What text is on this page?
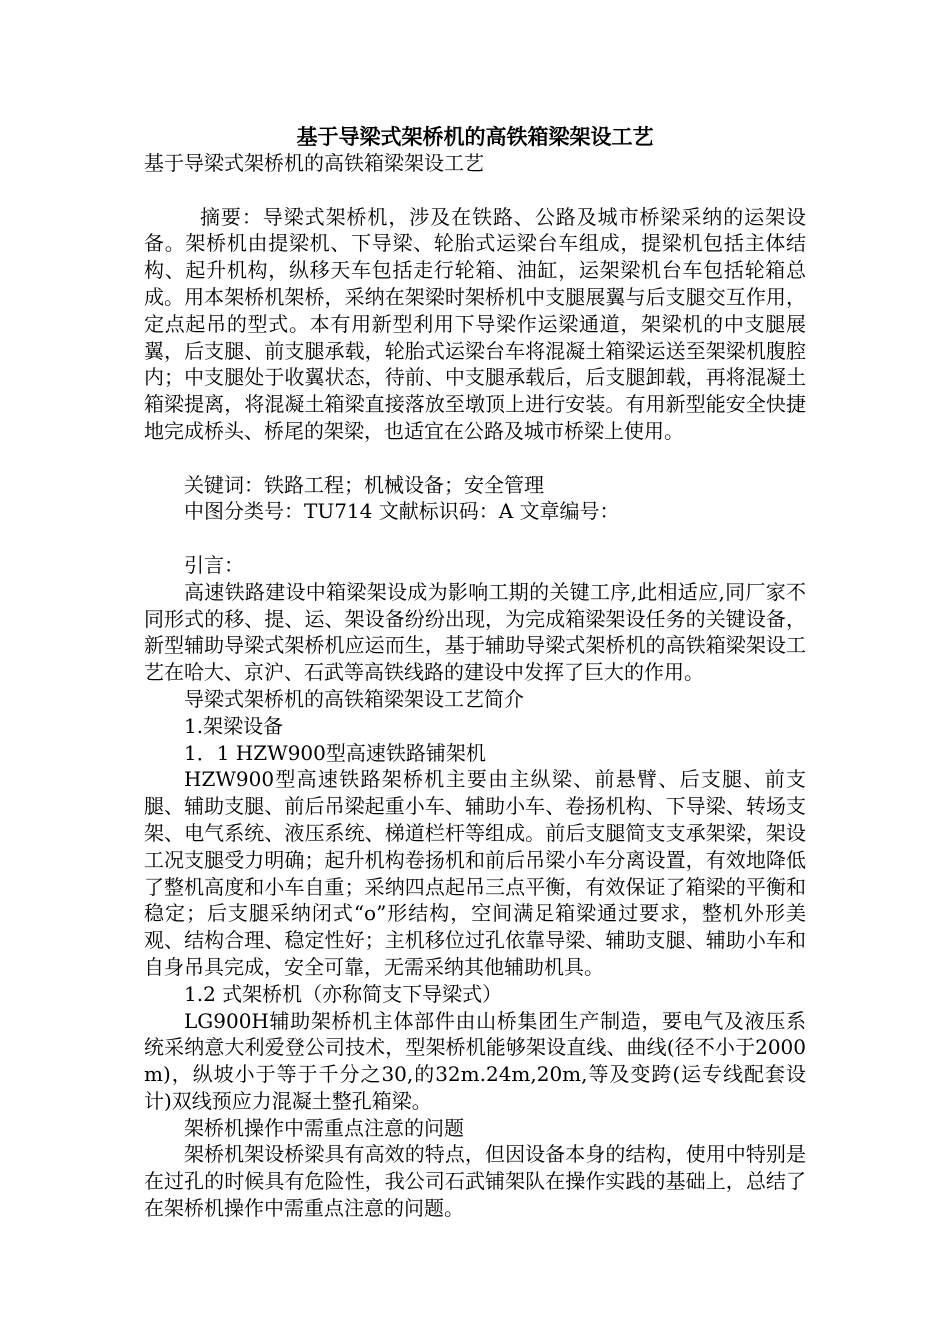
基于导梁式架桥机的高铁箱梁架设工艺

基于导梁式架桥机的高铁箱梁架设工艺

摘要：导梁式架桥机，涉及在铁路、公路及城市桥梁采纳的运架设备。架桥机由提梁机、下导梁、轮胎式运梁台车组成，提梁机包括主体结构、起升机构，纵移天车包括走行轮箱、油缸，运架梁机台车包括轮箱总成。用本架桥机架桥，采纳在架梁时架桥机中支腿展翼与后支腿交互作用，定点起吊的型式。本有用新型利用下导梁作运梁通道，架梁机的中支腿展翼，后支腿、前支腿承载，轮胎式运梁台车将混凝土箱梁运送至架梁机腹腔内；中支腿处于收翼状态，待前、中支腿承载后，后支腿卸载，再将混凝土箱梁提离，将混凝土箱梁直接落放至墩顶上进行安装。有用新型能安全快捷地完成桥头、桥尾的架梁，也适宜在公路及城市桥梁上使用。

关键词：铁路工程；机械设备；安全管理

中图分类号：TU714 文献标识码：A 文章编号：

引言：

高速铁路建设中箱梁架设成为影响工期的关键工序,此相适应,同厂家不同形式的移、提、运、架设备纷纷出现，为完成箱梁架设任务的关键设备，新型辅助导梁式架桥机应运而生，基于辅助导梁式架桥机的高铁箱梁架设工艺在哈大、京沪、石武等高铁线路的建设中发挥了巨大的作用。

导梁式架桥机的高铁箱梁架设工艺简介

1.架梁设备

1．1 HZW900型高速铁路铺架机

HZW900型高速铁路架桥机主要由主纵梁、前悬臂、后支腿、前支腿、辅助支腿、前后吊梁起重小车、辅助小车、卷扬机构、下导梁、转场支架、电气系统、液压系统、梯道栏杆等组成。前后支腿简支支承架梁，架设工况支腿受力明确；起升机构卷扬机和前后吊梁小车分离设置，有效地降低了整机高度和小车自重；采纳四点起吊三点平衡，有效保证了箱梁的平衡和稳定；后支腿采纳闭式“o”形结构，空间满足箱梁通过要求，整机外形美观、结构合理、稳定性好；主机移位过孔依靠导梁、辅助支腿、辅助小车和自身吊具完成，安全可靠，无需采纳其他辅助机具。

1.2 式架桥机（亦称简支下导梁式）

LG900H辅助架桥机主体部件由山桥集团生产制造，要电气及液压系统采纳意大利爱登公司技术，型架桥机能够架设直线、曲线(径不小于2000m)，纵坡小于等于千分之30,的32m.24m,20m,等及变跨(运专线配套设计)双线预应力混凝土整孔箱梁。

架桥机操作中需重点注意的问题

架桥机架设桥梁具有高效的特点，但因设备本身的结构，使用中特别是在过孔的时候具有危险性，我公司石武铺架队在操作实践的基础上，总结了在架桥机操作中需重点注意的问题。
